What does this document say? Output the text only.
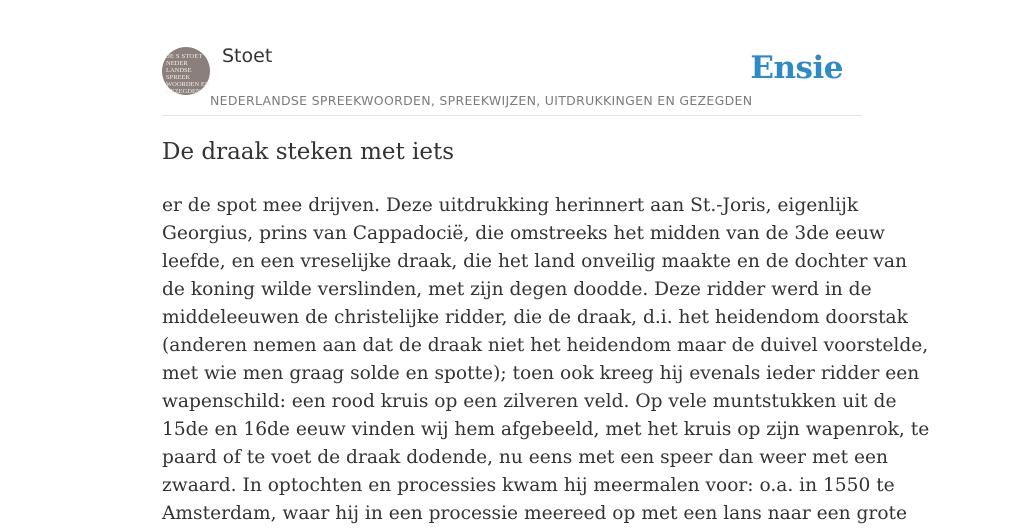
DE S STOET
NEDER
LANDSE
SPREEK
WOORDEN EN
GEZEGDEN
Stoet
NEDERLANDSE SPREEKWOORDEN, SPREEKWIJZEN, UITDRUKKINGEN EN GEZEGDEN
Ensie
De draak steken met iets
er de spot mee drijven. Deze uitdrukking herinnert aan St.-Joris, eigenlijk
Georgius, prins van Cappadocië, die omstreeks het midden van de 3de eeuw
leefde, en een vreselijke draak, die het land onveilig maakte en de dochter van
de koning wilde verslinden, met zijn degen doodde. Deze ridder werd in de
middeleeuwen de christelijke ridder, die de draak, d.i. het heidendom doorstak
(anderen nemen aan dat de draak niet het heidendom maar de duivel voorstelde,
met wie men graag solde en spotte); toen ook kreeg hij evenals ieder ridder een
wapenschild: een rood kruis op een zilveren veld. Op vele muntstukken uit de
15de en 16de eeuw vinden wij hem afgebeeld, met het kruis op zijn wapenrok, te
paard of te voet de draak dodende, nu eens met een speer dan weer met een
zwaard. In optochten en processies kwam hij meermalen voor: o.a. in 1550 te
Amsterdam, waar hij in een processie meereed op met een lans naar een grote
